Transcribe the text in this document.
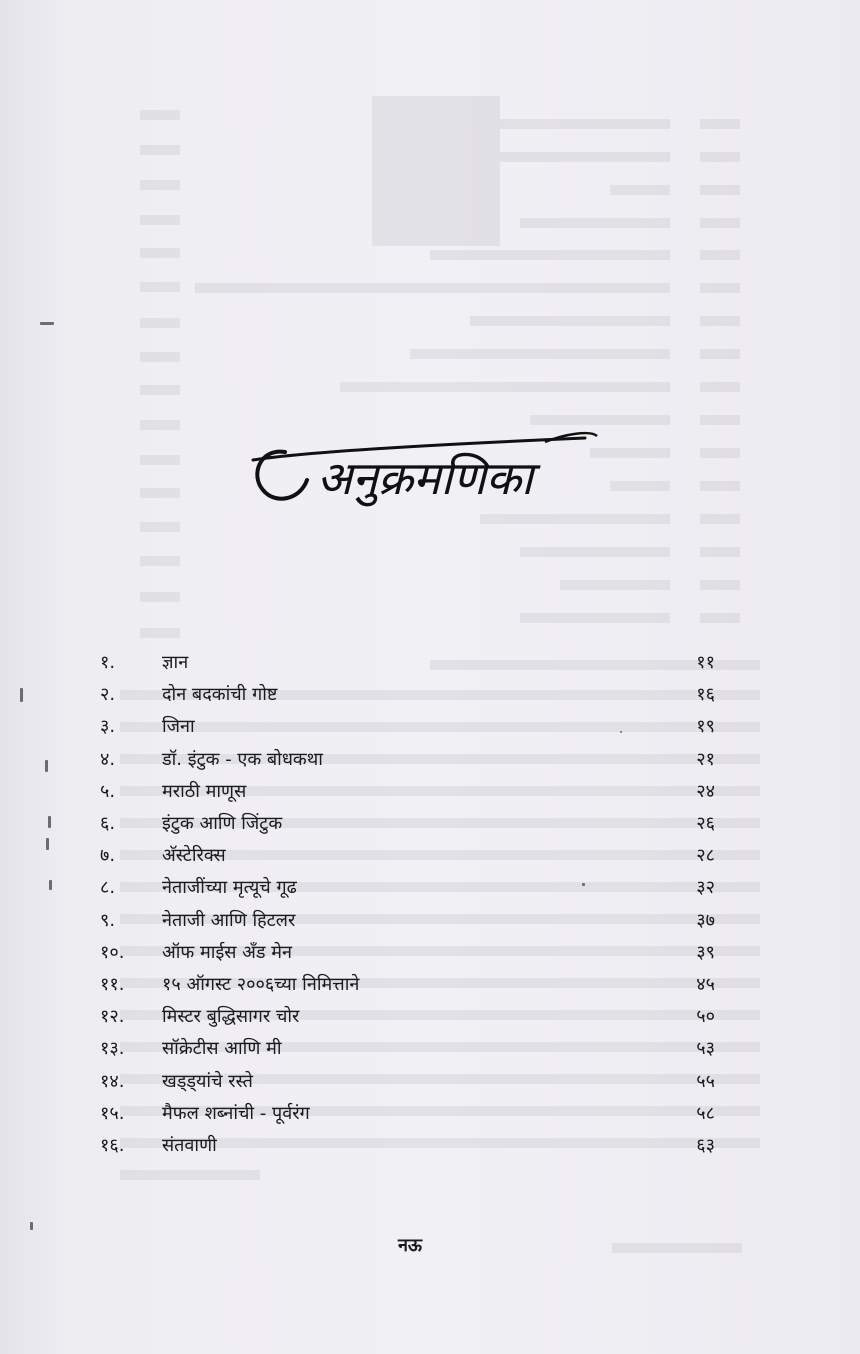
अनुक्रमणिका
१.	ज्ञान	११
२.	दोन बदकांची गोष्ट	१६
३.	जिना	१९
४.	डॉ. इंटुक - एक बोधकथा	२१
५.	मराठी माणूस	२४
६.	इंटुक आणि जिंटुक	२६
७.	अ‍ॅस्टेरिक्स	२८
८.	नेताजींच्या मृत्यूचे गूढ	३२
९.	नेताजी आणि हिटलर	३७
१०.	ऑफ माईस अँड मेन	३९
११.	१५ ऑगस्ट २००६च्या निमित्ताने	४५
१२.	मिस्टर बुद्धिसागर चोर	५०
१३.	सॉक्रेटीस आणि मी	५३
१४.	खड्ड्यांचे रस्ते	५५
१५.	मैफल शब्नांची - पूर्वरंग	५८
१६.	संतवाणी	६३
नऊ
